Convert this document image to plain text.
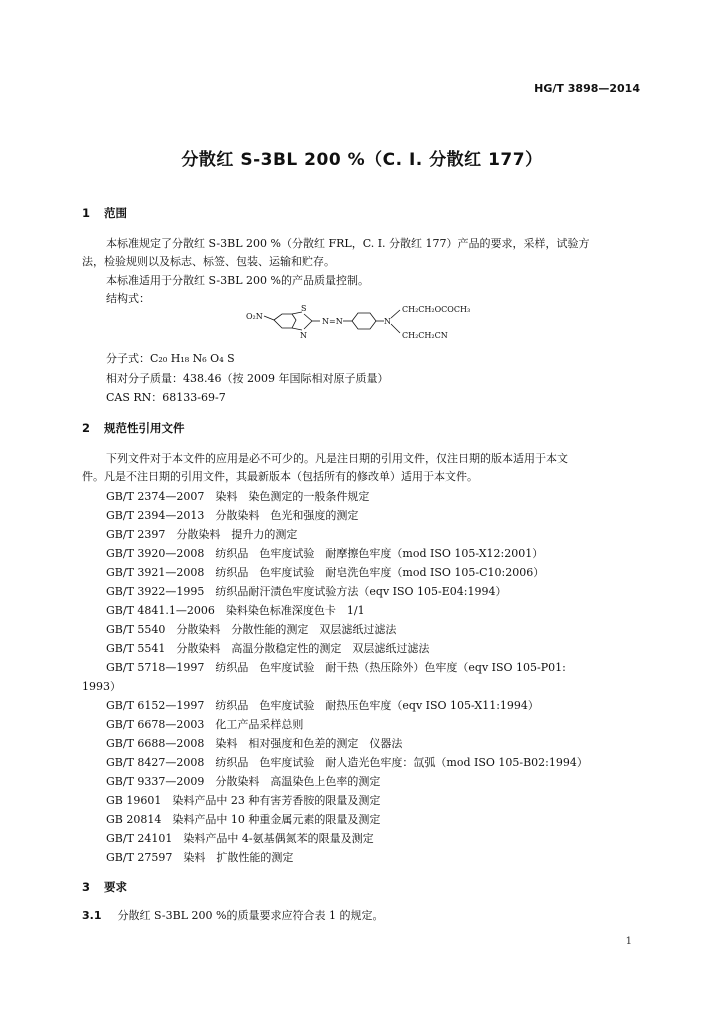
HG/T 3898—2014
分散红 S-3BL 200 %（C. I. 分散红 177）
1 范围
本标准规定了分散红 S-3BL 200 %（分散红 FRL，C. I. 分散红 177）产品的要求，采样，试验方
法，检验规则以及标志、标签、包装、运输和贮存。
本标准适用于分散红 S-3BL 200 %的产品质量控制。
结构式：
O₂N
S
N
N=N	N
CH₂CH₂OCOCH₃
CH₂CH₂CN
分子式：C₂₀ H₁₈ N₆ O₄ S
相对分子质量：438.46（按 2009 年国际相对原子质量）
CAS RN：68133-69-7
2 规范性引用文件
下列文件对于本文件的应用是必不可少的。凡是注日期的引用文件，仅注日期的版本适用于本文
件。凡是不注日期的引用文件，其最新版本（包括所有的修改单）适用于本文件。
GB/T 2374—2007　染料　染色测定的一般条件规定
GB/T 2394—2013　分散染料　色光和强度的测定
GB/T 2397　分散染料　提升力的测定
GB/T 3920—2008　纺织品　色牢度试验　耐摩擦色牢度（mod ISO 105-X12:2001）
GB/T 3921—2008　纺织品　色牢度试验　耐皂洗色牢度（mod ISO 105-C10:2006）
GB/T 3922—1995　纺织品耐汗渍色牢度试验方法（eqv ISO 105-E04:1994）
GB/T 4841.1—2006　染料染色标准深度色卡　1/1
GB/T 5540　分散染料　分散性能的测定　双层滤纸过滤法
GB/T 5541　分散染料　高温分散稳定性的测定　双层滤纸过滤法
GB/T 5718—1997　纺织品　色牢度试验　耐干热（热压除外）色牢度（eqv ISO 105-P01:
1993）
GB/T 6152—1997　纺织品　色牢度试验　耐热压色牢度（eqv ISO 105-X11:1994）
GB/T 6678—2003　化工产品采样总则
GB/T 6688—2008　染料　相对强度和色差的测定　仪器法
GB/T 8427—2008　纺织品　色牢度试验　耐人造光色牢度：氙弧（mod ISO 105-B02:1994）
GB/T 9337—2009　分散染料　高温染色上色率的测定
GB 19601　染料产品中 23 种有害芳香胺的限量及测定
GB 20814　染料产品中 10 种重金属元素的限量及测定
GB/T 24101　染料产品中 4-氨基偶氮苯的限量及测定
GB/T 27597　染料　扩散性能的测定
3 要求
3.1 分散红 S-3BL 200 %的质量要求应符合表 1 的规定。
1
